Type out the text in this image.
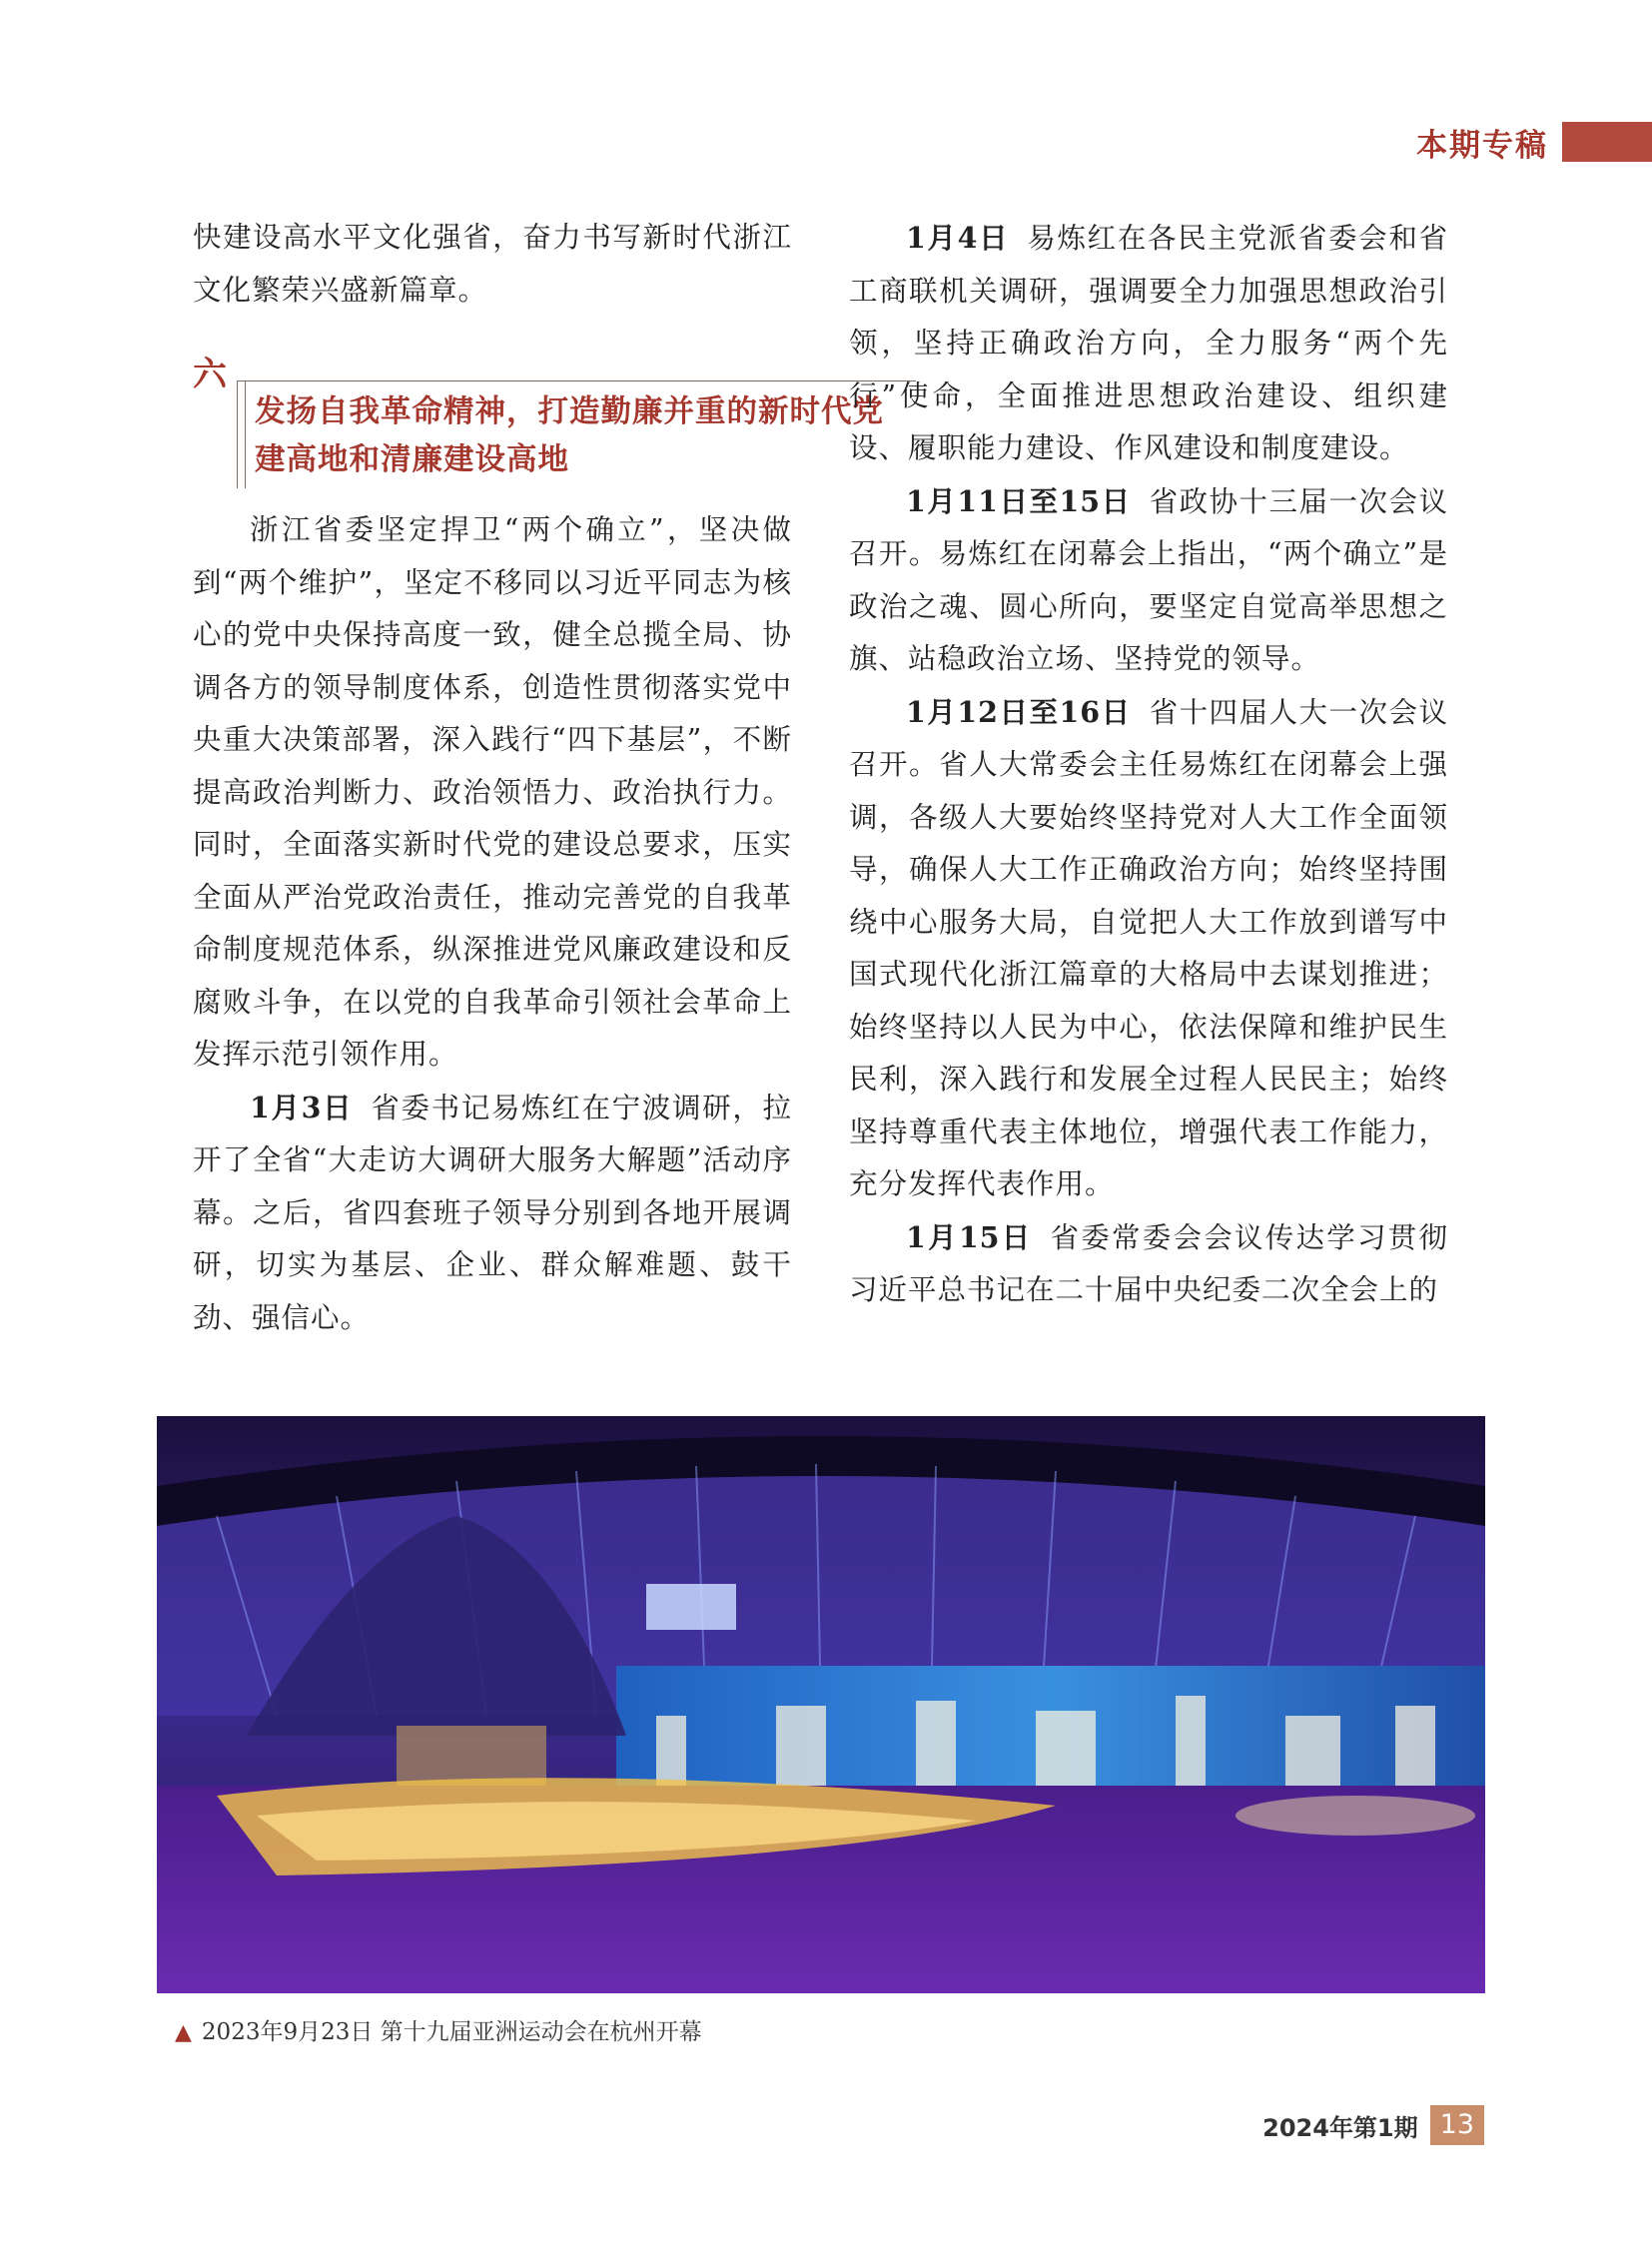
本期专稿

快建设高水平文化强省，奋力书写新时代浙江文化繁荣兴盛新篇章。

六
发扬自我革命精神，打造勤廉并重的新时代党建高地和清廉建设高地

浙江省委坚定捍卫“两个确立”，坚决做到“两个维护”，坚定不移同以习近平同志为核心的党中央保持高度一致，健全总揽全局、协调各方的领导制度体系，创造性贯彻落实党中央重大决策部署，深入践行“四下基层”，不断提高政治判断力、政治领悟力、政治执行力。同时，全面落实新时代党的建设总要求，压实全面从严治党政治责任，推动完善党的自我革命制度规范体系，纵深推进党风廉政建设和反腐败斗争，在以党的自我革命引领社会革命上发挥示范引领作用。

1月3日 省委书记易炼红在宁波调研，拉开了全省“大走访大调研大服务大解题”活动序幕。之后，省四套班子领导分别到各地开展调研，切实为基层、企业、群众解难题、鼓干劲、强信心。

1月4日 易炼红在各民主党派省委会和省工商联机关调研，强调要全力加强思想政治引领，坚持正确政治方向，全力服务“两个先行”使命，全面推进思想政治建设、组织建设、履职能力建设、作风建设和制度建设。

1月11日至15日 省政协十三届一次会议召开。易炼红在闭幕会上指出，“两个确立”是政治之魂、圆心所向，要坚定自觉高举思想之旗、站稳政治立场、坚持党的领导。

1月12日至16日 省十四届人大一次会议召开。省人大常委会主任易炼红在闭幕会上强调，各级人大要始终坚持党对人大工作全面领导，确保人大工作正确政治方向；始终坚持围绕中心服务大局，自觉把人大工作放到谱写中国式现代化浙江篇章的大格局中去谋划推进；始终坚持以人民为中心，依法保障和维护民生民利，深入践行和发展全过程人民民主；始终坚持尊重代表主体地位，增强代表工作能力，充分发挥代表作用。

1月15日 省委常委会会议传达学习贯彻习近平总书记在二十届中央纪委二次全会上的

▲ 2023年9月23日 第十九届亚洲运动会在杭州开幕
2024年第1期 13
